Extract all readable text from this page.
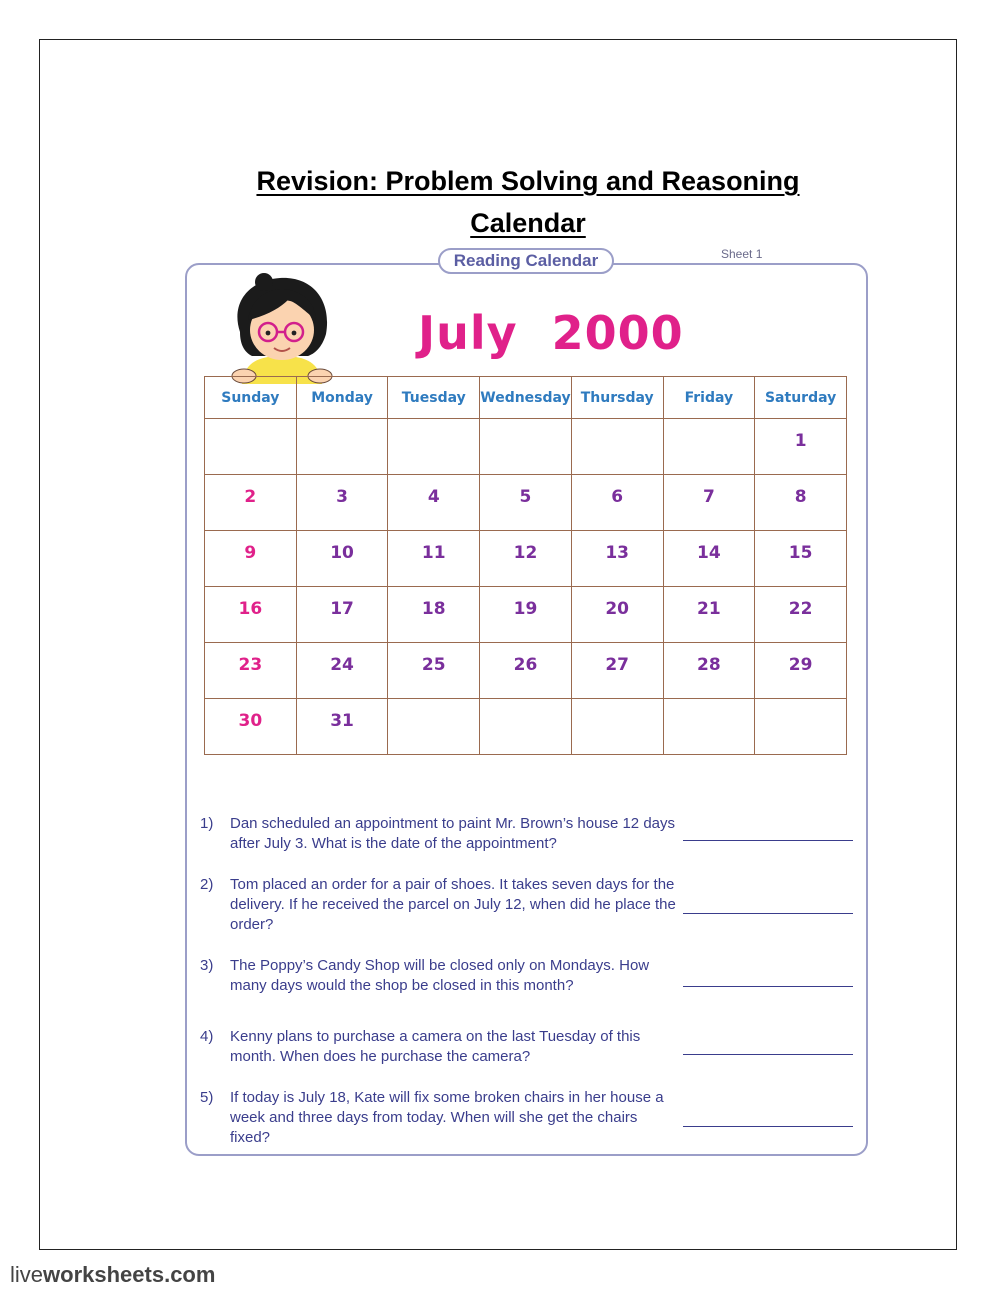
Revision: Problem Solving and Reasoning
Calendar
Reading Calendar	Sheet 1
July  2000
Sunday	Monday	Tuesday	Wednesday	Thursday	Friday	Saturday
						1
2	3	4	5	6	7	8
9	10	11	12	13	14	15
16	17	18	19	20	21	22
23	24	25	26	27	28	29
30	31					
1) Dan scheduled an appointment to paint Mr. Brown’s house 12 days after July 3. What is the date of the appointment?
2) Tom placed an order for a pair of shoes. It takes seven days for the delivery. If he received the parcel on July 12, when did he place the order?
3) The Poppy’s Candy Shop will be closed only on Mondays. How many days would the shop be closed in this month?
4) Kenny plans to purchase a camera on the last Tuesday of this month. When does he purchase the camera?
5) If today is July 18, Kate will fix some broken chairs in her house a week and three days from today. When will she get the chairs fixed?
liveworksheets.com
